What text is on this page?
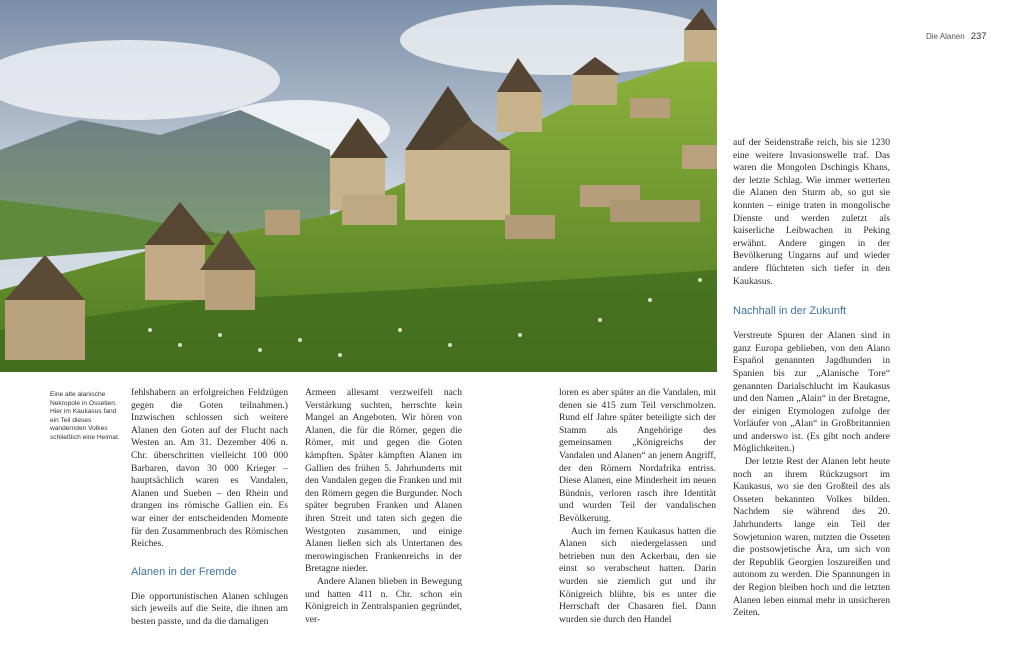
Die Alanen 237
Eine alte alanische Nekropole in Ossetien. Hier im Kaukasus fand ein Teil dieses wandernden Volkes schließlich eine Heimat.

fehlshabern an erfolgreichen Feldzügen gegen die Goten teilnahmen.) Inzwischen schlossen sich weitere Alanen den Goten auf der Flucht nach Westen an. Am 31. Dezember 406 n. Chr. überschritten vielleicht 100 000 Barbaren, davon 30 000 Krieger – hauptsächlich waren es Vandalen, Alanen und Sueben – den Rhein und drangen ins römische Gallien ein. Es war einer der entscheidenden Momente für den Zusammenbruch des Römischen Reiches.

Alanen in der Fremde

Die opportunistischen Alanen schlugen sich jeweils auf die Seite, die ihnen am besten passte, und da die damaligen

Armeen allesamt verzweifelt nach Verstärkung suchten, herrschte kein Mangel an Angeboten. Wir hören von Alanen, die für die Römer, gegen die Römer, mit und gegen die Goten kämpften. Später kämpften Alanen im Gallien des frühen 5. Jahrhunderts mit den Vandalen gegen die Franken und mit den Römern gegen die Burgunder. Noch später begruben Franken und Alanen ihren Streit und taten sich gegen die Westgoten zusammen, und einige Alanen ließen sich als Untertanen des merowingischen Frankenreichs in der Bretagne nieder.

Andere Alanen blieben in Bewegung und hatten 411 n. Chr. schon ein Königreich in Zentralspanien gegründet, ver-

loren es aber später an die Vandalen, mit denen sie 415 zum Teil verschmolzen. Rund elf Jahre später beteiligte sich der Stamm als Angehörige des gemeinsamen „Königreichs der Vandalen und Alanen“ an jenem Angriff, der den Römern Nordafrika entriss. Diese Alanen, eine Minderheit im neuen Bündnis, verloren rasch ihre Identität und wurden Teil der vandalischen Bevölkerung.

Auch im fernen Kaukasus hatten die Alanen sich niedergelassen und betrieben nun den Ackerbau, den sie einst so verabscheut hatten. Darin wurden sie ziemlich gut und ihr Königreich blühte, bis es unter die Herrschaft der Chasaren fiel. Dann wurden sie durch den Handel

auf der Seidenstraße reich, bis sie 1230 eine weitere Invasionswelle traf. Das waren die Mongolen Dschingis Khans, der letzte Schlag. Wie immer wetterten die Alanen den Sturm ab, so gut sie konnten – einige traten in mongolische Dienste und werden zuletzt als kaiserliche Leibwachen in Peking erwähnt. Andere gingen in der Bevölkerung Ungarns auf und wieder andere flüchteten sich tiefer in den Kaukasus.

Nachhall in der Zukunft

Verstreute Spuren der Alanen sind in ganz Europa geblieben, von den Alano Español genannten Jagdhunden in Spanien bis zur „Alanische Tore“ genannten Darialschlucht im Kaukasus und den Namen „Alain“ in der Bretagne, der einigen Etymologen zufolge der Vorläufer von „Alan“ in Großbritannien und anderswo ist. (Es gibt noch andere Möglichkeiten.)

Der letzte Rest der Alanen lebt heute noch an ihrem Rückzugsort im Kaukasus, wo sie den Großteil des als Osseten bekannten Volkes bilden. Nachdem sie während des 20. Jahrhunderts lange ein Teil der Sowjetunion waren, nutzten die Osseten die postsowjetische Ära, um sich von der Republik Georgien loszureißen und autonom zu werden. Die Spannungen in der Region bleiben hoch und die letzten Alanen leben einmal mehr in unsicheren Zeiten.
